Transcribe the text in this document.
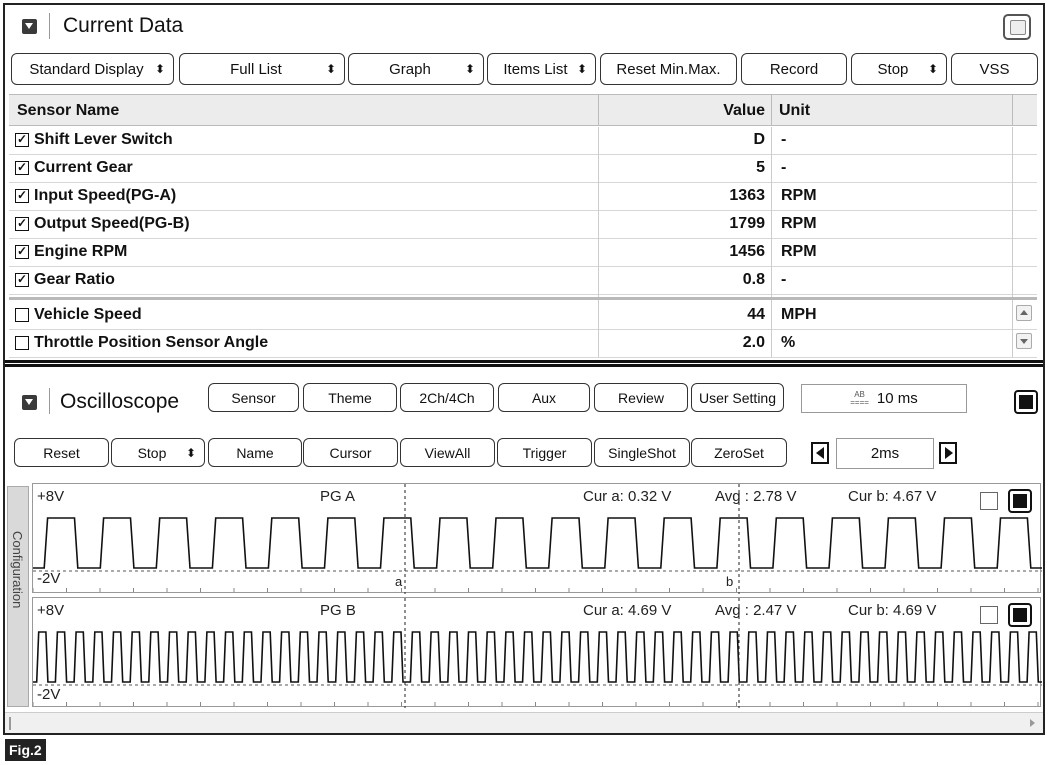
Current Data
Standard Display ⬍	Full List	⬍	Graph	⬍	Items List ⬍	Reset Min.Max.	Record	Stop	⬍	VSS
Sensor Name	Value Unit
✓ Shift Lever Switch	D -
✓ Current Gear	5 -
✓ Input Speed(PG-A)	1363 RPM
✓ Output Speed(PG-B)	1799 RPM
✓ Engine RPM	1456 RPM
✓ Gear Ratio	0.8 -
Vehicle Speed	44 MPH
Throttle Position Sensor Angle	2.0 %
Oscilloscope	Sensor	Theme	2Ch/4Ch	Aux	Review	User Setting	AB
==== 10 ms
Reset	Stop	⬍	Name	Cursor	ViewAll	Trigger	SingleShot	ZeroSet	2ms
Configuration
+8V
-2V
PG A	Cur a: 0.32 V	Avg : 2.78 V	Cur b: 4.67 V
a	b
+8V
-2V
PG B	Cur a: 4.69 V	Avg : 2.47 V	Cur b: 4.69 V
Fig.2
